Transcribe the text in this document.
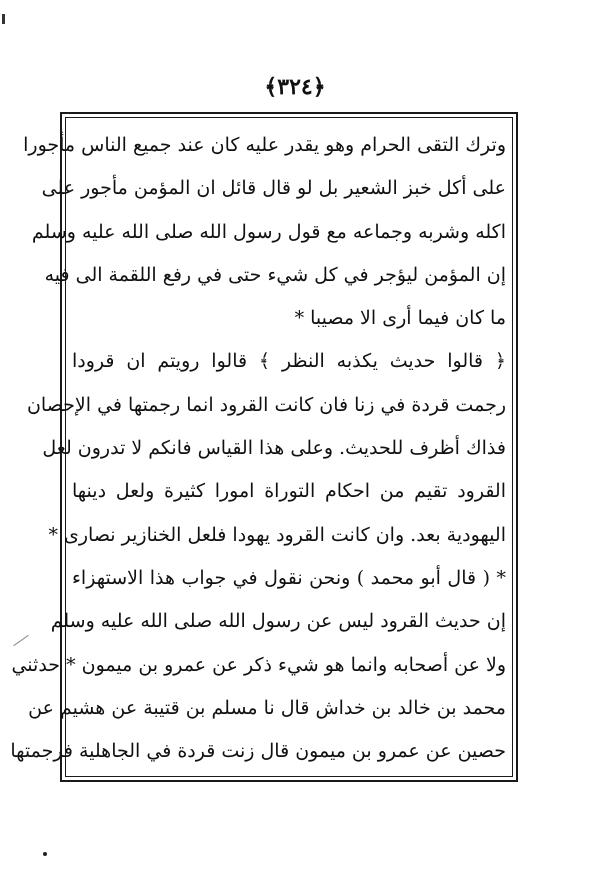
﴿٣٢٤﴾
وترك التقى الحرام وهو يقدر عليه كان عند جميع الناس مأجورا
على أكل خبز الشعير بل لو قال قائل ان المؤمن مأجور على
اكله وشربه وجماعه مع قول رسول الله صلى الله عليه وسلم
إن المؤمن ليؤجر في كل شيء حتى في رفع اللقمة الى فيه
ما كان فيما أرى الا مصيبا *
﴿ قالوا حديث يكذبه النظر ﴾ قالوا رويتم ان قرودا
رجمت قردة في زنا فان كانت القرود انما رجمتها في الإحصان
فذاك أظرف للحديث. وعلى هذا القياس فانكم لا تدرون لعل
القرود تقيم من احكام التوراة امورا كثيرة ولعل دينها
اليهودية بعد. وان كانت القرود يهودا فلعل الخنازير نصارى *
* ( قال أبو محمد ) ونحن نقول في جواب هذا الاستهزاء
إن حديث القرود ليس عن رسول الله صلى الله عليه وسلم
ولا عن أصحابه وانما هو شيء ذكر عن عمرو بن ميمون * حدثني
محمد بن خالد بن خداش قال نا مسلم بن قتيبة عن هشيم عن
حصين عن عمرو بن ميمون قال زنت قردة في الجاهلية فرجمتها
